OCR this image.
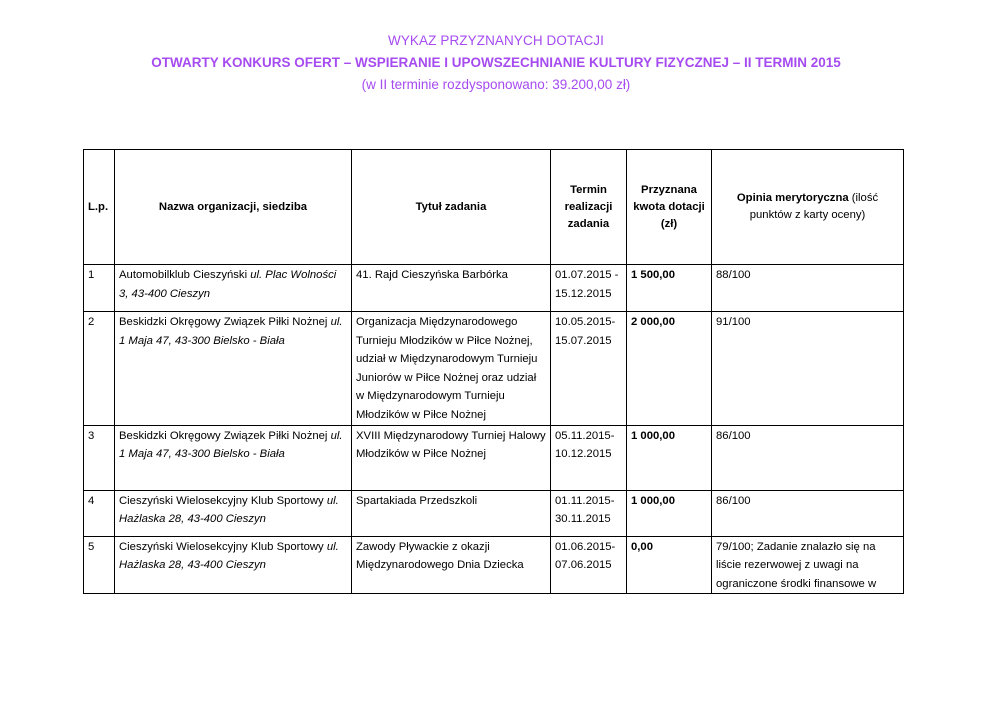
WYKAZ PRZYZNANYCH DOTACJI
OTWARTY KONKURS OFERT – WSPIERANIE I UPOWSZECHNIANIE KULTURY FIZYCZNEJ – II TERMIN 2015
(w II terminie rozdysponowano: 39.200,00 zł)
L.p.	Nazwa organizacji, siedziba	Tytuł zadania	Termin realizacji zadania	Przyznana kwota dotacji (zł)	Opinia merytoryczna (ilość punktów z karty oceny)
1	Automobilklub Cieszyński ul. Plac Wolności 3, 43-400 Cieszyn	41. Rajd Cieszyńska Barbórka	01.07.2015 - 15.12.2015	1 500,00	88/100
2	Beskidzki Okręgowy Związek Piłki Nożnej ul. 1 Maja 47, 43-300 Bielsko - Biała	Organizacja Międzynarodowego Turnieju Młodzików w Piłce Nożnej, udział w Międzynarodowym Turnieju Juniorów w Piłce Nożnej oraz udział w Międzynarodowym Turnieju Młodzików w Piłce Nożnej	10.05.2015- 15.07.2015	2 000,00	91/100
3	Beskidzki Okręgowy Związek Piłki Nożnej ul. 1 Maja 47, 43-300 Bielsko - Biała	XVIII Międzynarodowy Turniej Halowy Młodzików w Piłce Nożnej	05.11.2015- 10.12.2015	1 000,00	86/100
4	Cieszyński Wielosekcyjny Klub Sportowy ul. Hażlaska 28, 43-400 Cieszyn	Spartakiada Przedszkoli	01.11.2015- 30.11.2015	1 000,00	86/100
5	Cieszyński Wielosekcyjny Klub Sportowy ul. Hażlaska 28, 43-400 Cieszyn	Zawody Pływackie z okazji Międzynarodowego Dnia Dziecka	01.06.2015- 07.06.2015	0,00	79/100; Zadanie znalazło się na liście rezerwowej z uwagi na ograniczone środki finansowe w
